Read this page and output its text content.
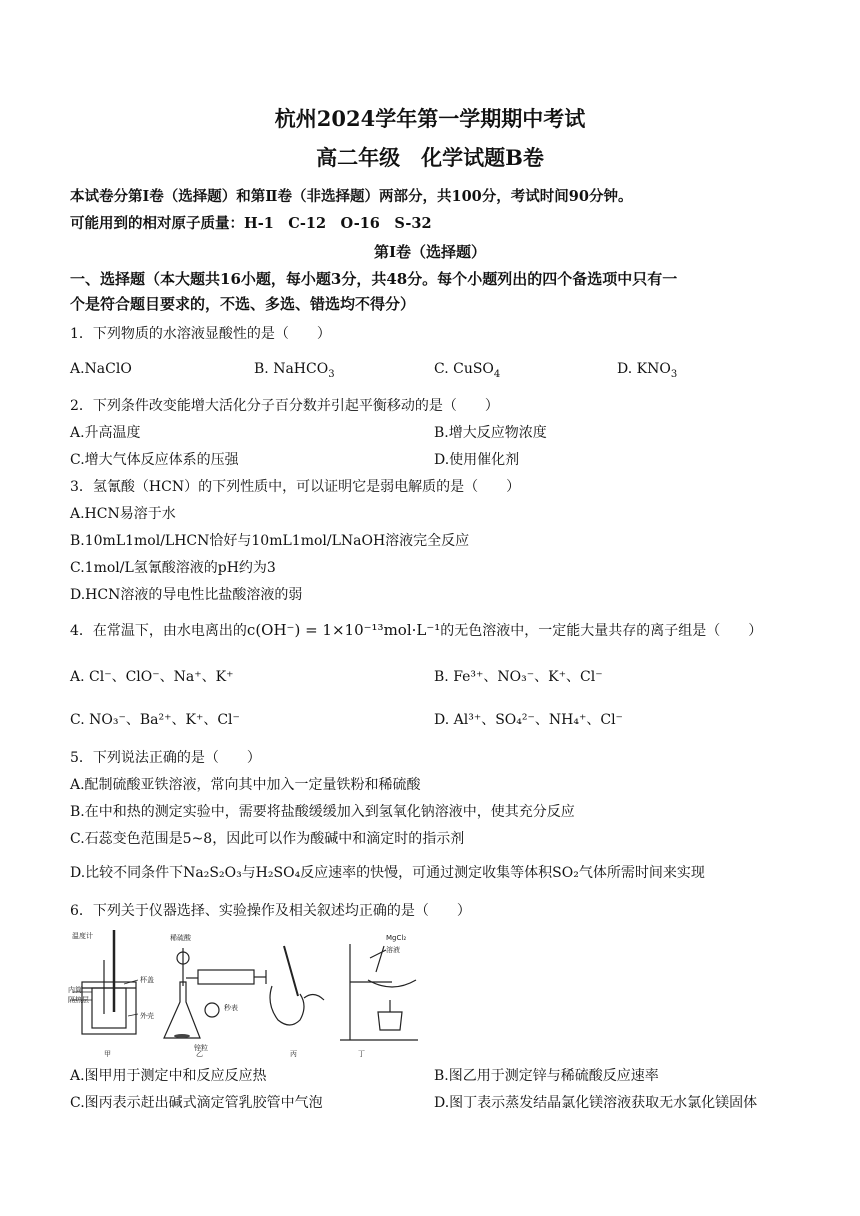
杭州2024学年第一学期期中考试
高二年级　化学试题B卷
本试卷分第Ⅰ卷（选择题）和第Ⅱ卷（非选择题）两部分，共100分，考试时间90分钟。
可能用到的相对原子质量：H-1　C-12　O-16　S-32
第Ⅰ卷（选择题）
一、选择题（本大题共16小题，每小题3分，共48分。每个小题列出的四个备选项中只有一
个是符合题目要求的，不选、多选、错选均不得分）
1．下列物质的水溶液显酸性的是（　　）
A.NaClO	B. NaHCO$_3$	C. CuSO$_4$	D. $KNO_3$
2．下列条件改变能增大活化分子百分数并引起平衡移动的是（　　）
A.升高温度	B.增大反应物浓度
C.增大气体反应体系的压强	D.使用催化剂
3．氢氰酸（HCN）的下列性质中，可以证明它是弱电解质的是（　　）
A.HCN易溶于水
B.10mL1mol/LHCN恰好与10mL1mol/LNaOH溶液完全反应
C.1mol/L氢氰酸溶液的pH约为3
D.HCN溶液的导电性比盐酸溶液的弱
4．在常温下，由水电离出的c(OH⁻) = 1×10⁻¹³mol·L⁻¹的无色溶液中，一定能大量共存的离子组是（　　）
A. Cl⁻、ClO⁻、Na⁺、K⁺	B. Fe³⁺、NO₃⁻、K⁺、Cl⁻
C. NO₃⁻、Ba²⁺、K⁺、Cl⁻	D. Al³⁺、SO₄²⁻、NH₄⁺、Cl⁻
5．下列说法正确的是（　　）
A.配制硫酸亚铁溶液，常向其中加入一定量铁粉和稀硫酸
B.在中和热的测定实验中，需要将盐酸缓缓加入到氢氧化钠溶液中，使其充分反应
C.石蕊变色范围是5~8，因此可以作为酸碱中和滴定时的指示剂
D.比较不同条件下Na₂S₂O₃与H₂SO₄反应速率的快慢，可通过测定收集等体积SO₂气体所需时间来实现
6．下列关于仪器选择、实验操作及相关叙述均正确的是（　　）
温度计
内筒
隔热层
杯盖
外壳
稀硫酸
秒表
锌粒
MgCl₂
溶液
甲	乙	丙	丁
A.图甲用于测定中和反应反应热	B.图乙用于测定锌与稀硫酸反应速率
C.图丙表示赶出碱式滴定管乳胶管中气泡	D.图丁表示蒸发结晶氯化镁溶液获取无水氯化镁固体
